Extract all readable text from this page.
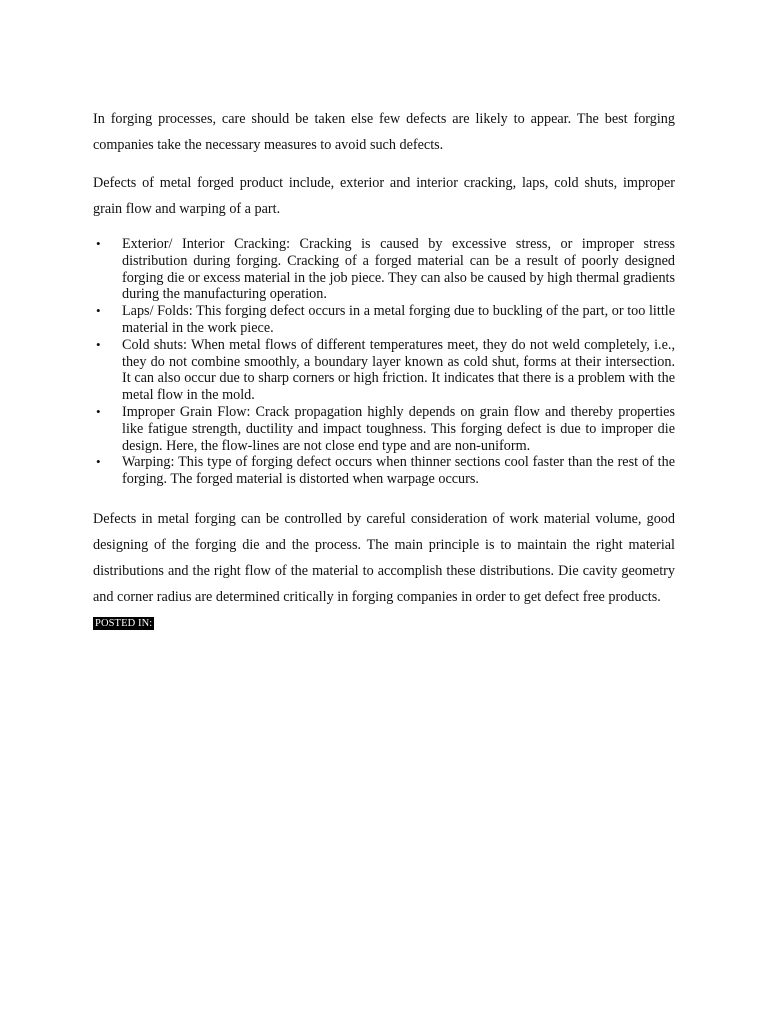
In forging processes, care should be taken else few defects are likely to appear. The best forging companies take the necessary measures to avoid such defects.

Defects of metal forged product include, exterior and interior cracking, laps, cold shuts, improper grain flow and warping of a part.

• Exterior/ Interior Cracking: Cracking is caused by excessive stress, or improper stress distribution during forging. Cracking of a forged material can be a result of poorly designed forging die or excess material in the job piece. They can also be caused by high thermal gradients during the manufacturing operation.
• Laps/ Folds: This forging defect occurs in a metal forging due to buckling of the part, or too little material in the work piece.
• Cold shuts: When metal flows of different temperatures meet, they do not weld completely, i.e., they do not combine smoothly, a boundary layer known as cold shut, forms at their intersection. It can also occur due to sharp corners or high friction. It indicates that there is a problem with the metal flow in the mold.
• Improper Grain Flow: Crack propagation highly depends on grain flow and thereby properties like fatigue strength, ductility and impact toughness. This forging defect is due to improper die design. Here, the flow-lines are not close end type and are non-uniform.
• Warping: This type of forging defect occurs when thinner sections cool faster than the rest of the forging. The forged material is distorted when warpage occurs.

Defects in metal forging can be controlled by careful consideration of work material volume, good designing of the forging die and the process. The main principle is to maintain the right material distributions and the right flow of the material to accomplish these distributions. Die cavity geometry and corner radius are determined critically in forging companies in order to get defect free products.

POSTED IN:
